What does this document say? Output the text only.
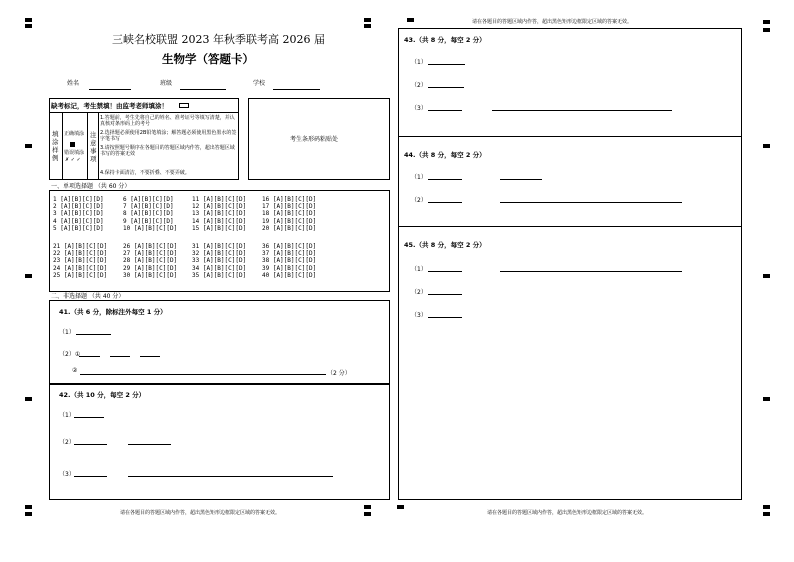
三峡名校联盟 2023 年秋季联考高 2026 届
生物学（答题卡）
姓名	班级	学校
缺考标记，考生禁填！由监考老师填涂！
填涂样例
正确填涂
错误填涂
✗ ✓ ✓
注意事项
1.答题前，考生先将自己的姓名、准考证号等填写清楚，并认真核对条形码上的考号
2.选择题必须使用2B铅笔填涂；解答题必须使用黑色墨水的签字笔书写
3.请按照题号顺序在各题目的答题区域内作答，超出答题区域书写的答案无效
4.保持卡面清洁，不要折叠、不要弄破。
考生条形码粘贴处
一、单项选择题 （共 60 分）
1 [A][B][C][D]
2 [A][B][C][D]
3 [A][B][C][D]
4 [A][B][C][D]
5 [A][B][C][D]
6 [A][B][C][D]
7 [A][B][C][D]
8 [A][B][C][D]
9 [A][B][C][D]
10 [A][B][C][D]
11 [A][B][C][D]
12 [A][B][C][D]
13 [A][B][C][D]
14 [A][B][C][D]
15 [A][B][C][D]
16 [A][B][C][D]
17 [A][B][C][D]
18 [A][B][C][D]
19 [A][B][C][D]
20 [A][B][C][D]
21 [A][B][C][D]
22 [A][B][C][D]
23 [A][B][C][D]
24 [A][B][C][D]
25 [A][B][C][D]
26 [A][B][C][D]
27 [A][B][C][D]
28 [A][B][C][D]
29 [A][B][C][D]
30 [A][B][C][D]
31 [A][B][C][D]
32 [A][B][C][D]
33 [A][B][C][D]
34 [A][B][C][D]
35 [A][B][C][D]
36 [A][B][C][D]
37 [A][B][C][D]
38 [A][B][C][D]
39 [A][B][C][D]
40 [A][B][C][D]
二、非选择题 （共 40 分）
41.（共 6 分，除标注外每空 1 分）
（1）
（2）①
②	（2 分）
42.（共 10 分，每空 2 分）
（1）
（2）
（3）
请在各题目的答题区域内作答，超出黑色矩形边框限定区域的答案无效。
请在各题目的答题区域内作答，超出黑色矩形边框限定区域的答案无效。
43.（共 8 分，每空 2 分）
（1）
（2）
（3）
44.（共 8 分，每空 2 分）
（1）
（2）
45.（共 8 分，每空 2 分）
（1）
（2）
（3）
请在各题目的答题区域内作答，超出黑色矩形边框限定区域的答案无效。
